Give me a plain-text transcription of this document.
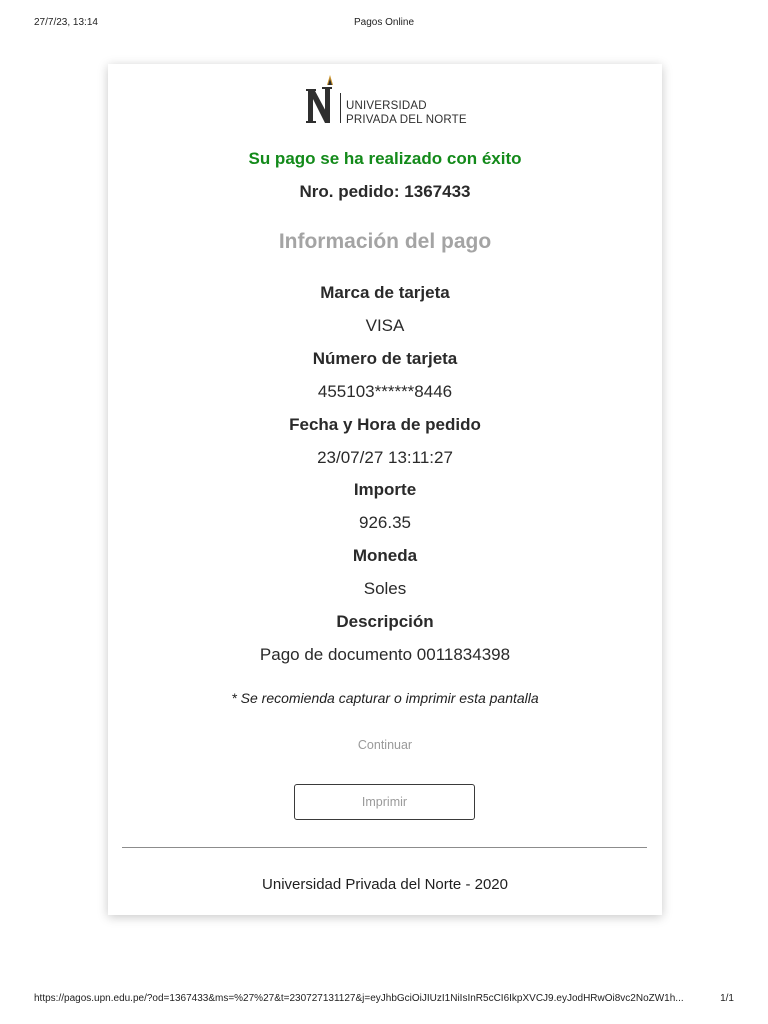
27/7/23, 13:14	Pagos Online
UNIVERSIDAD
PRIVADA DEL NORTE
Su pago se ha realizado con éxito
Nro. pedido: 1367433
Información del pago
Marca de tarjeta
VISA
Número de tarjeta
455103******8446
Fecha y Hora de pedido
23/07/27 13:11:27
Importe
926.35
Moneda
Soles
Descripción
Pago de documento 0011834398
* Se recomienda capturar o imprimir esta pantalla
Continuar
Imprimir
Universidad Privada del Norte - 2020
https://pagos.upn.edu.pe/?od=1367433&ms=%27%27&t=230727131127&j=eyJhbGciOiJIUzI1NiIsInR5cCI6IkpXVCJ9.eyJodHRwOi8vc2NoZW1h...	1/1
